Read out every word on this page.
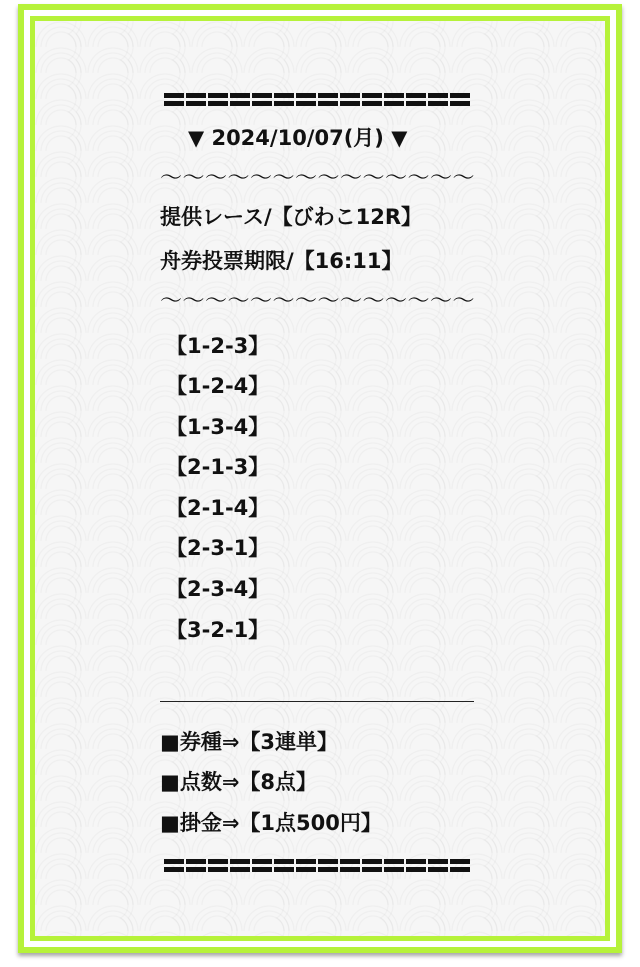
▼ 2024/10/07(月) ▼
〜〜〜〜〜〜〜〜〜〜〜〜〜〜
提供レース/【びわこ12R】
舟券投票期限/【16:11】
〜〜〜〜〜〜〜〜〜〜〜〜〜〜
【1-2-3】
【1-2-4】
【1-3-4】
【2-1-3】
【2-1-4】
【2-3-1】
【2-3-4】
【3-2-1】
■券種⇒【3連単】
■点数⇒【8点】
■掛金⇒【1点500円】
